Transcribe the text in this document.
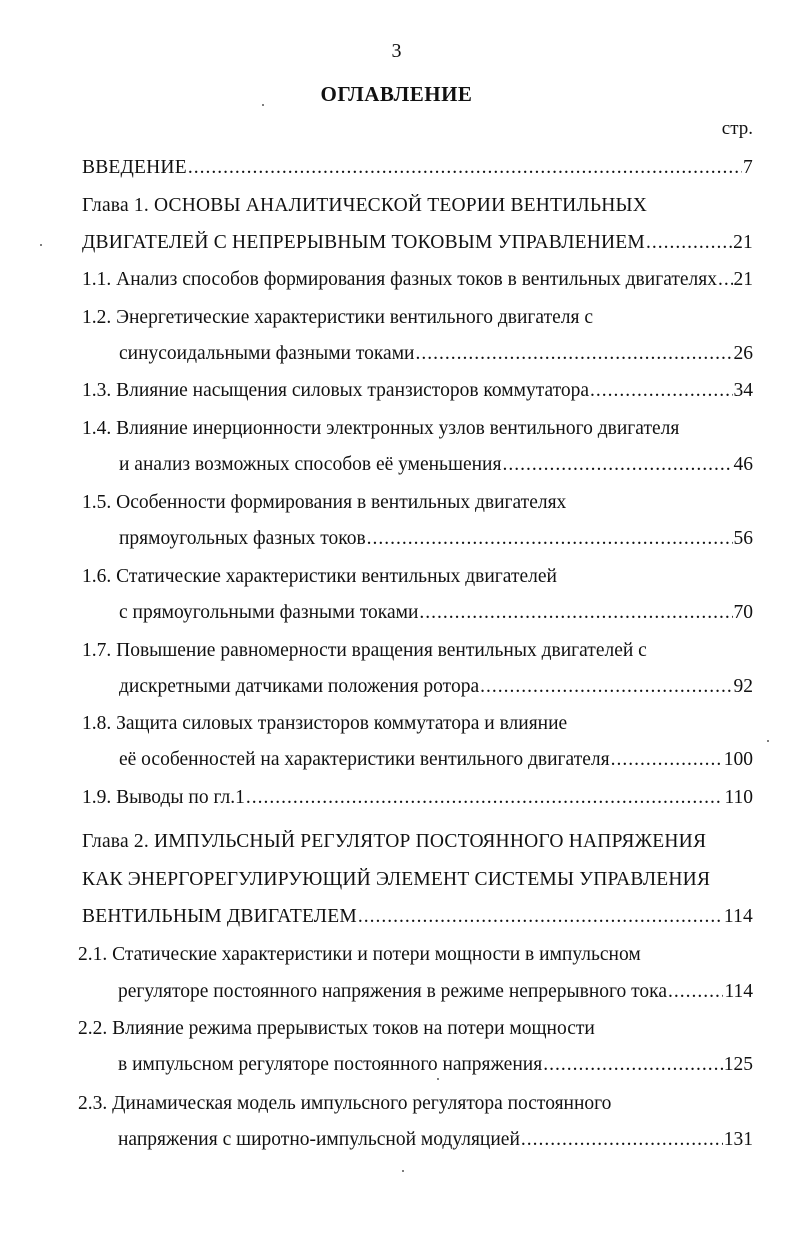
3
ОГЛАВЛЕНИЕ
стр.
ВВЕДЕНИЕ .....	7
Глава 1. ОСНОВЫ АНАЛИТИЧЕСКОЙ ТЕОРИИ ВЕНТИЛЬНЫХ
ДВИГАТЕЛЕЙ С НЕПРЕРЫВНЫМ ТОКОВЫМ УПРАВЛЕНИЕМ .....	21
1.1. Анализ способов формирования фазных токов в вентильных двигателях ..... 21
1.2. Энергетические характеристики вентильного двигателя с
синусоидальными фазными токами .....	26
1.3. Влияние насыщения силовых транзисторов коммутатора .....	34
1.4. Влияние инерционности электронных узлов вентильного двигателя
и анализ возможных способов её уменьшения .....	46
1.5. Особенности формирования в вентильных двигателях
прямоугольных фазных токов .....	56
1.6. Статические характеристики вентильных двигателей
с прямоугольными фазными токами .....	70
1.7. Повышение равномерности вращения вентильных двигателей с
дискретными датчиками положения ротора .....	92
1.8. Защита силовых транзисторов коммутатора и влияние
её особенностей на характеристики вентильного двигателя .....	100
1.9. Выводы по гл.1 .....	110
Глава 2. ИМПУЛЬСНЫЙ РЕГУЛЯТОР ПОСТОЯННОГО НАПРЯЖЕНИЯ
КАК ЭНЕРГОРЕГУЛИРУЮЩИЙ ЭЛЕМЕНТ СИСТЕМЫ УПРАВЛЕНИЯ
ВЕНТИЛЬНЫМ ДВИГАТЕЛЕМ .....	114
2.1. Статические характеристики и потери мощности в импульсном
регуляторе постоянного напряжения в режиме непрерывного тока .....	114
2.2. Влияние режима прерывистых токов на потери мощности
в импульсном регуляторе постоянного напряжения .....	125
2.3. Динамическая модель импульсного регулятора постоянного
напряжения с широтно-импульсной модуляцией .....	131
